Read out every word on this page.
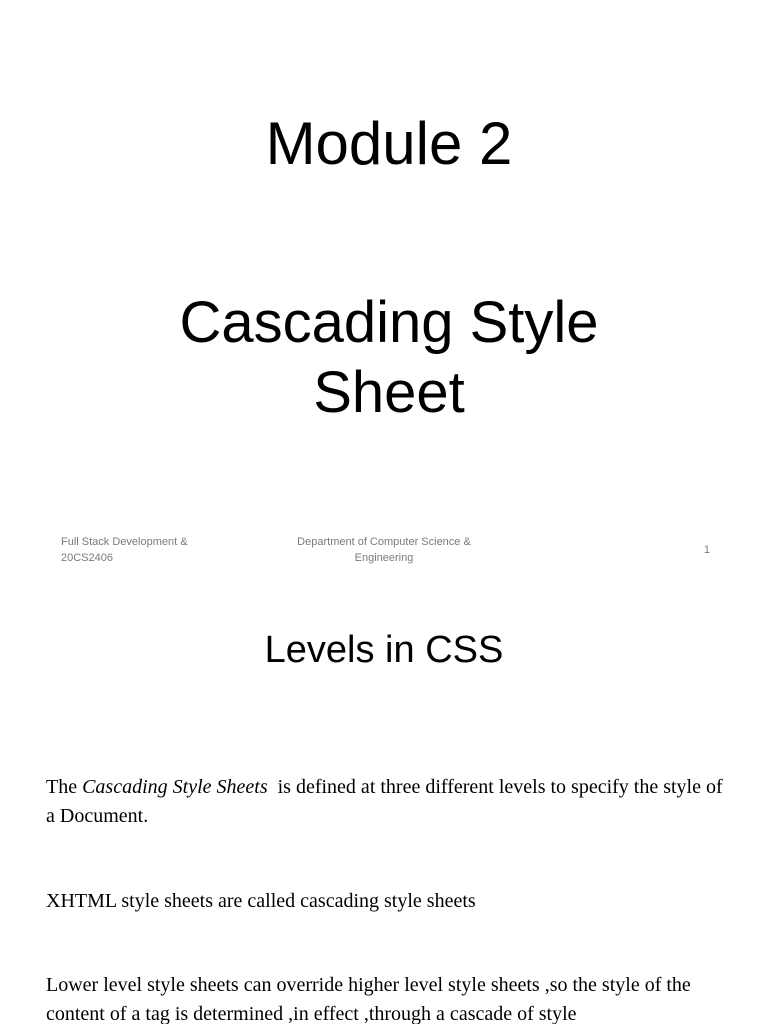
Module 2
Cascading Style
Sheet
Full Stack Development &
20CS2406
Department of Computer Science &
Engineering
1
Levels in CSS
The Cascading Style Sheets  is defined at three different levels to specify the style of a Document.
XHTML style sheets are called cascading style sheets
Lower level style sheets can override higher level style sheets ,so the style of the content of a tag is determined ,in effect ,through a cascade of style
